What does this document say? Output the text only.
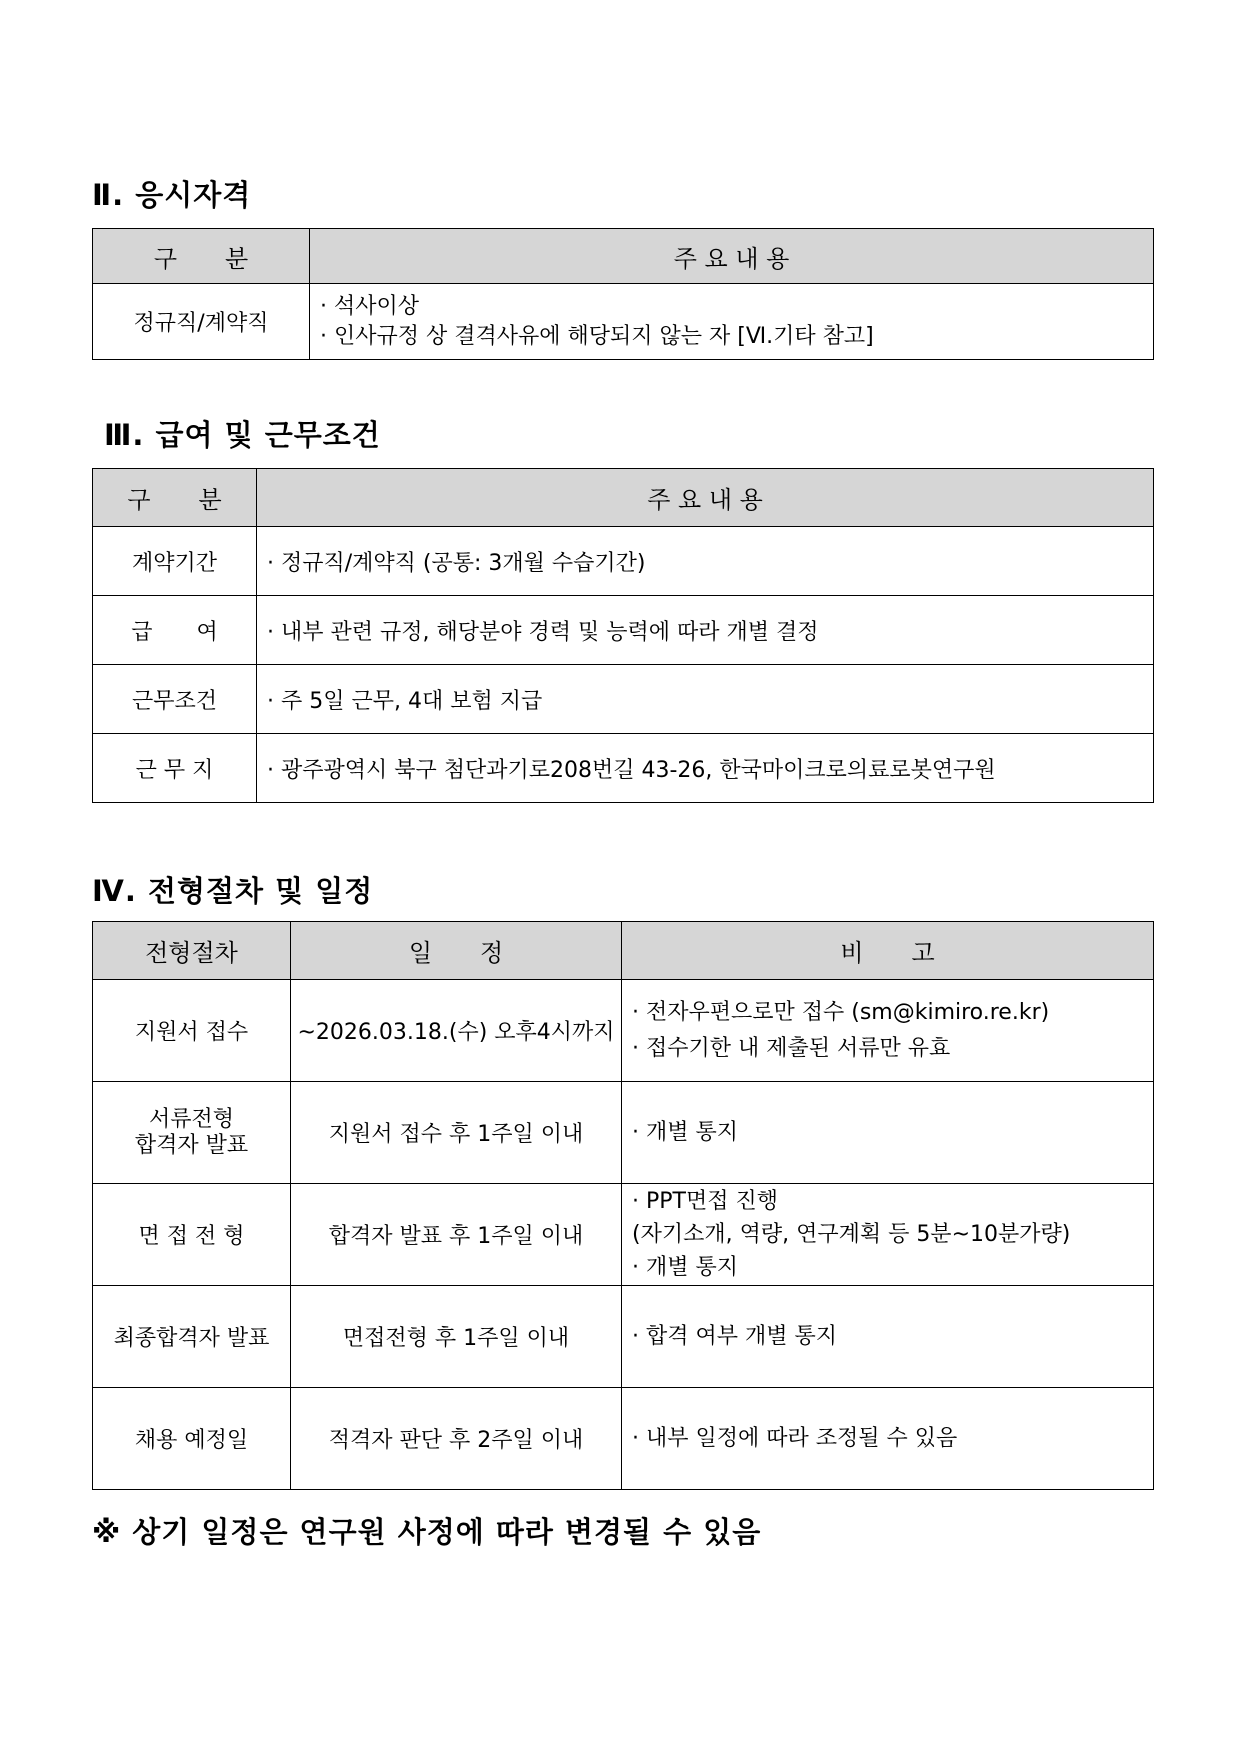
Ⅱ. 응시자격
구　　분	주 요 내 용
정규직/계약직	· 석사이상
· 인사규정 상 결격사유에 해당되지 않는 자 [Ⅵ.기타 참고]
Ⅲ. 급여 및 근무조건
구　　분	주 요 내 용
계약기간	· 정규직/계약직 (공통: 3개월 수습기간)
급　　여	· 내부 관련 규정, 해당분야 경력 및 능력에 따라 개별 결정
근무조건	· 주 5일 근무, 4대 보험 지급
근 무 지	· 광주광역시 북구 첨단과기로208번길 43-26, 한국마이크로의료로봇연구원
Ⅳ. 전형절차 및 일정
전형절차	일　　정	비　　고
지원서 접수	~2026.03.18.(수) 오후4시까지	· 전자우편으로만 접수 (sm@kimiro.re.kr)
· 접수기한 내 제출된 서류만 유효

서류전형
합격자 발표	지원서 접수 후 1주일 이내	· 개별 통지

면 접 전 형	합격자 발표 후 1주일 이내	· PPT면접 진행
(자기소개, 역량, 연구계획 등 5분~10분가량)
· 개별 통지

최종합격자 발표	면접전형 후 1주일 이내	· 합격 여부 개별 통지

채용 예정일	적격자 판단 후 2주일 이내	· 내부 일정에 따라 조정될 수 있음
※ 상기 일정은 연구원 사정에 따라 변경될 수 있음
